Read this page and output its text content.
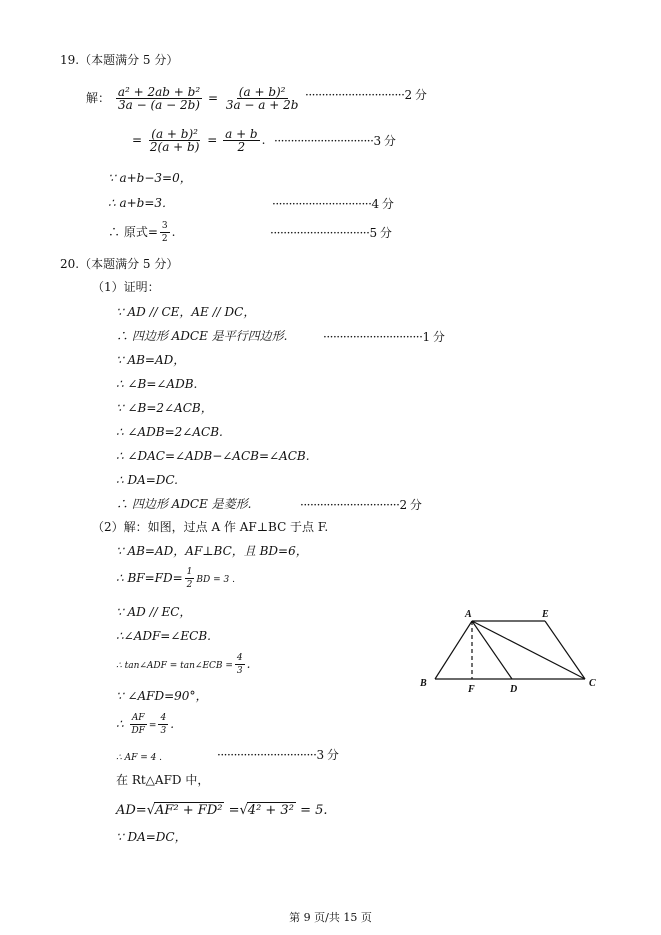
19.（本题满分 5 分）
解： $\frac{\text{a² + 2ab + b²}}{3a - (a - 2b)} = \frac{\text{(a + b)²}}{3a - a + 2b} \cdot\cdot\cdot\cdot\cdot\cdot\cdot\cdot\cdot\cdot\cdot\cdot\cdot\cdot\cdot\cdot\cdot\cdot\cdot\cdot\cdot\cdot\cdot\cdot\cdot\cdot\cdot\cdot\cdot\cdot 2$ 分
= $\frac{\text{(a + b)²}}{2(a + b)} = \frac{a + b}{2}$ . ······························3 分
∵ a+b−3=0，
∴ a+b=3．	······························4 分
∴ 原式= $\frac{3}{2}$ .	······························5 分
20.（本题满分 5 分）
（1）证明：
∵ AD // CE，AE // DC，
∴ 四边形 ADCE 是平行四边形.	······························1 分
∵ AB=AD，
∴ ∠B=∠ADB.
∵ ∠B=2∠ACB，
∴ ∠ADB=2∠ACB.
∴ ∠DAC=∠ADB−∠ACB=∠ACB.
∴ DA=DC.
∴ 四边形 ADCE 是菱形.	······························2 分
（2）解：如图，过点 A 作 AF⊥BC 于点 F.
∵ AB=AD，AF⊥BC，且 BD=6，
∴ $BF=FD= \frac{1}{2}$ BD = 3 .
∵ AD // EC，
∴∠ADF=∠ECB.
∴ tan∠ADF = tan∠ECB = $\frac{4}{3}$ .
∵ ∠AFD=90°，
∴ $\frac{AF}{DF} = \frac{4}{3}$ .
∴ AF = 4 .	······························3 分
在 Rt△AFD 中，
AD=√AF² + FD² =√4² + 3² = 5.
∵ DA=DC，
A	E
B
F	D
C
第 9 页/共 15 页
